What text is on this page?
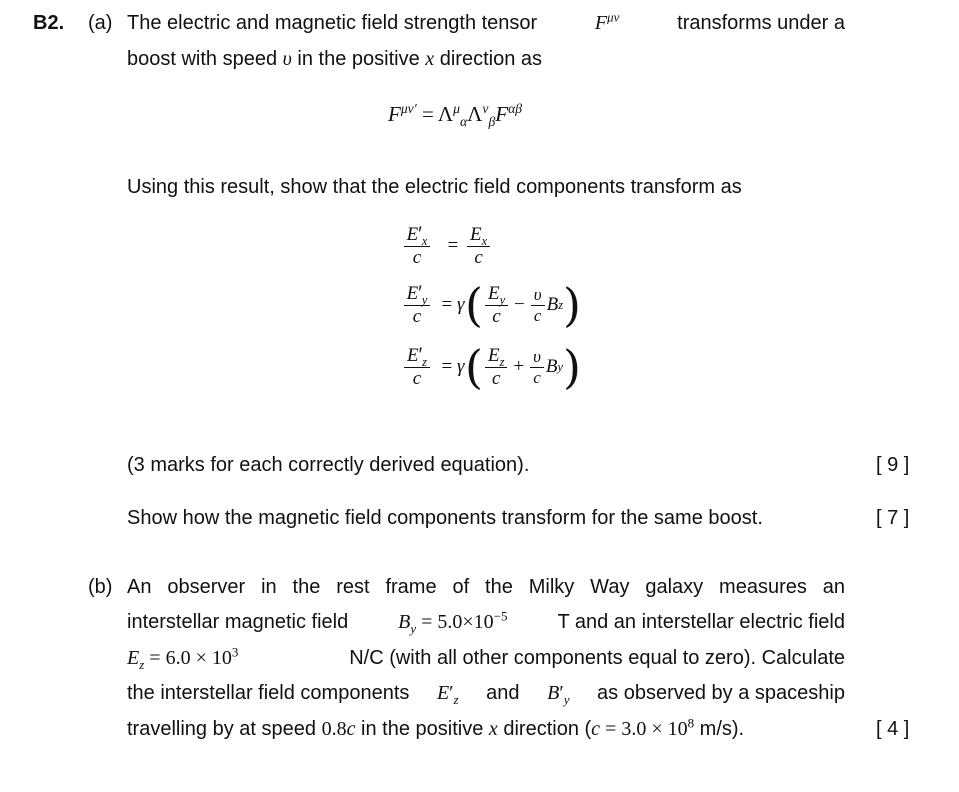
B2. (a) The electric and magnetic field strength tensor	$F^{\mu\nu}$	transforms under a
boost with speed υ in the positive x direction as
$F^{\mu\nu'} = \Lambda^\mu_\alpha\Lambda^\nu_\beta F^{\alpha\beta}$
Using this result, show that the electric field components transform as
$\frac{E'_x}{c} = \frac{E_x}{c}$
$\frac{E'_y}{c} = \gamma$ ( $\frac{E_y}{c} - \frac{\upsilon}{c}$ B z )
$\frac{E'_z}{c} = \gamma$ ( $\frac{E_z}{c} + \frac{\upsilon}{c}$ B y )
(3 marks for each correctly derived equation).	[ 9 ]
Show how the magnetic field components transform for the same boost.	[ 7 ]
(b) An observer in the rest frame of the Milky Way galaxy measures an
interstellar magnetic field $B_y = 5.0\times 10^{-5}$ T and an interstellar electric field
$E_z = 6.0 \times 10^3$	N/C (with all other components equal to zero). Calculate
the interstellar field components $E'_z$ and $B'_y$ as observed by a spaceship
travelling by at speed 0.8c in the positive x direction ($c = 3.0 \times 10^8$ m/s).	[ 4 ]
